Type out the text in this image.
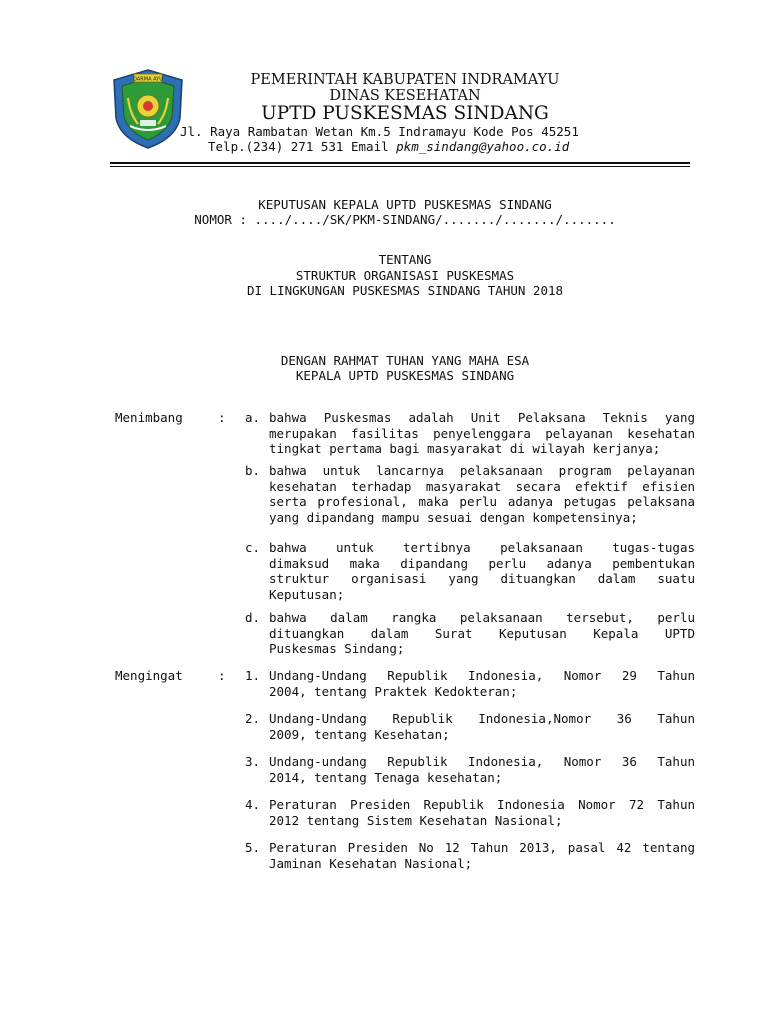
DARMA AYU	PEMERINTAH KABUPATEN INDRAMAYU
DINAS KESEHATAN
UPTD PUSKESMAS SINDANG
Jl. Raya Rambatan Wetan Km.5 Indramayu Kode Pos 45251
Telp.(234) 271 531 Email pkm_sindang@yahoo.co.id
KEPUTUSAN KEPALA UPTD PUSKESMAS SINDANG
NOMOR : ..../..../SK/PKM-SINDANG/......./......./.......
TENTANG
STRUKTUR ORGANISASI PUSKESMAS
DI LINGKUNGAN PUSKESMAS SINDANG TAHUN 2018
DENGAN RAHMAT TUHAN YANG MAHA ESA
KEPALA UPTD PUSKESMAS SINDANG
Menimbang	: a. bahwa Puskesmas adalah Unit Pelaksana Teknis yang
merupakan fasilitas penyelenggara pelayanan kesehatan
tingkat pertama bagi masyarakat di wilayah kerjanya;
b. bahwa untuk lancarnya pelaksanaan program pelayanan
kesehatan terhadap masyarakat secara efektif efisien
serta profesional, maka perlu adanya petugas pelaksana
yang dipandang mampu sesuai dengan kompetensinya;
c. bahwa untuk tertibnya pelaksanaan tugas-tugas
dimaksud maka dipandang perlu adanya pembentukan
struktur organisasi yang dituangkan dalam suatu
Keputusan;
d. bahwa dalam rangka pelaksanaan tersebut, perlu
dituangkan dalam Surat Keputusan Kepala UPTD
Puskesmas Sindang;
Mengingat	: 1. Undang-Undang Republik Indonesia, Nomor 29 Tahun
2004, tentang Praktek Kedokteran;
2. Undang-Undang Republik Indonesia,Nomor 36 Tahun
2009, tentang Kesehatan;
3. Undang-undang Republik Indonesia, Nomor 36 Tahun
2014, tentang Tenaga kesehatan;
4. Peraturan Presiden Republik Indonesia Nomor 72 Tahun
2012 tentang Sistem Kesehatan Nasional;
5. Peraturan Presiden No 12 Tahun 2013, pasal 42 tentang
Jaminan Kesehatan Nasional;
